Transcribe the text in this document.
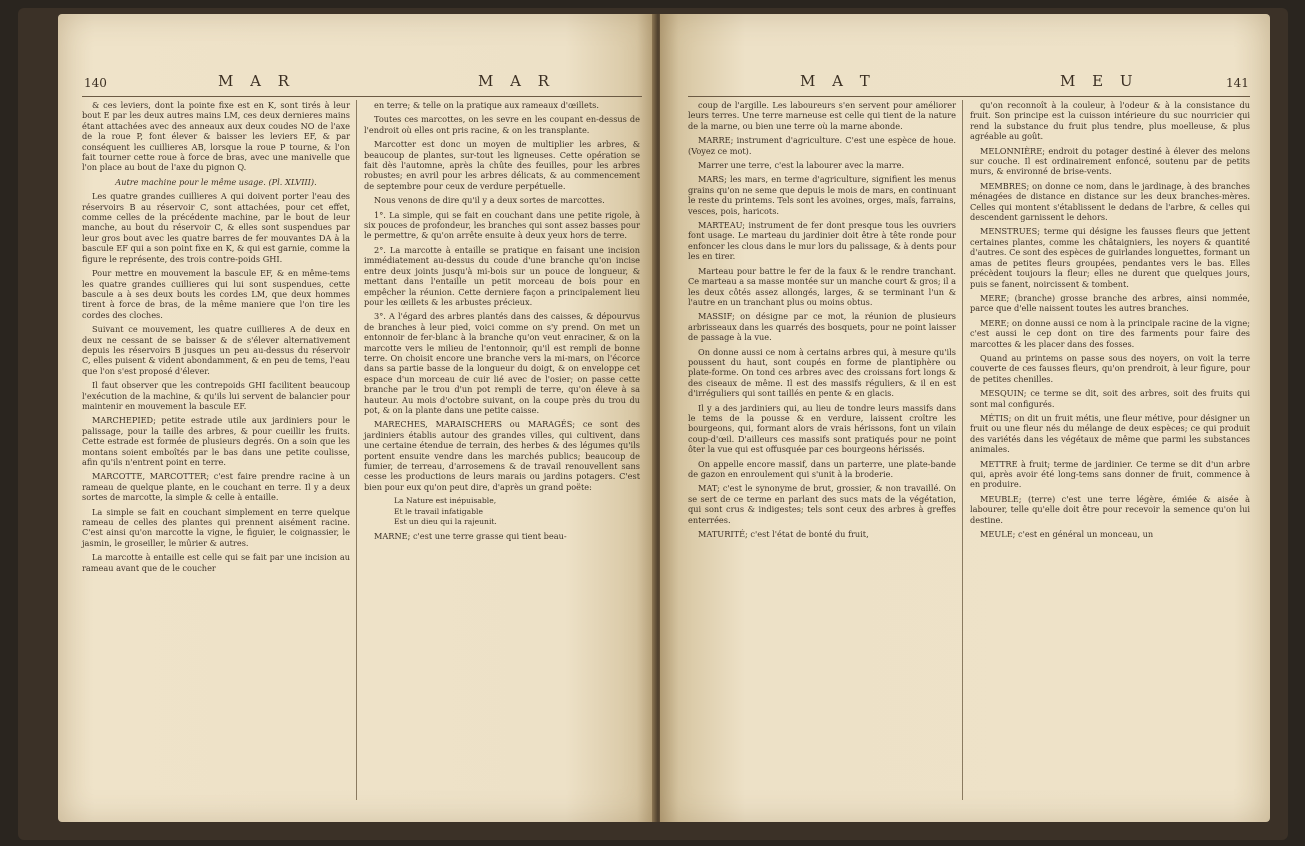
140	M A R	M A R

& ces leviers, dont la pointe fixe est en K, sont tirés à leur bout E par les deux autres mains LM, ces deux dernieres mains étant attachées avec des anneaux aux deux coudes NO de l'axe de la roue P, font élever & baisser les leviers EF, & par conséquent les cuillieres AB, lorsque la roue P tourne, & l'on fait tourner cette roue à force de bras, avec une manivelle que l'on place au bout de l'axe du pignon Q.

Autre machine pour le même usage. (Pl. XLVIII).

Les quatre grandes cuillieres A qui doivent porter l'eau des réservoirs B au réservoir C, sont attachées, pour cet effet, comme celles de la précédente machine, par le bout de leur manche, au bout du réservoir C, & elles sont suspendues par leur gros bout avec les quatre barres de fer mouvantes DA à la bascule EF qui a son point fixe en K, & qui est garnie, comme la figure le représente, des trois contre-poids GHI.

Pour mettre en mouvement la bascule EF, & en même-tems les quatre grandes cuillieres qui lui sont suspendues, cette bascule a à ses deux bouts les cordes LM, que deux hommes tirent à force de bras, de la même maniere que l'on tire les cordes des cloches.

Suivant ce mouvement, les quatre cuillieres A de deux en deux ne cessant de se baisser & de s'élever alternativement depuis les réservoirs B jusques un peu au-dessus du réservoir C, elles puisent & vident abondamment, & en peu de tems, l'eau que l'on s'est proposé d'élever.

Il faut observer que les contrepoids GHI facilitent beaucoup l'exécution de la machine, & qu'ils lui servent de balancier pour maintenir en mouvement la bascule EF.

MARCHEPIED; petite estrade utile aux jardiniers pour le palissage, pour la taille des arbres, & pour cueillir les fruits. Cette estrade est formée de plusieurs degrés. On a soin que les montans soient emboîtés par le bas dans une petite coulisse, afin qu'ils n'entrent point en terre.

MARCOTTE, MARCOTTER; c'est faire prendre racine à un rameau de quelque plante, en le couchant en terre. Il y a deux sortes de marcotte, la simple & celle à entaille.

La simple se fait en couchant simplement en terre quelque rameau de celles des plantes qui prennent aisément racine. C'est ainsi qu'on marcotte la vigne, le figuier, le coignassier, le jasmin, le groseiller, le mûrier & autres.

La marcotte à entaille est celle qui se fait par une incision au rameau avant que de le coucher

en terre; & telle on la pratique aux rameaux d'œillets.

Toutes ces marcottes, on les sevre en les coupant en-dessus de l'endroit où elles ont pris racine, & on les transplante.

Marcotter est donc un moyen de multiplier les arbres, & beaucoup de plantes, sur-tout les ligneuses. Cette opération se fait dès l'automne, après la chûte des feuilles, pour les arbres robustes; en avril pour les arbres délicats, & au commencement de septembre pour ceux de verdure perpétuelle.

Nous venons de dire qu'il y a deux sortes de marcottes.

1°. La simple, qui se fait en couchant dans une petite rigole, à six pouces de profondeur, les branches qui sont assez basses pour le permettre, & qu'on arrête ensuite à deux yeux hors de terre.

2°. La marcotte à entaille se pratique en faisant une incision immédiatement au-dessus du coude d'une branche qu'on incise entre deux joints jusqu'à mi-bois sur un pouce de longueur, & mettant dans l'entaille un petit morceau de bois pour en empêcher la réunion. Cette derniere façon a principalement lieu pour les œillets & les arbustes précieux.

3°. A l'égard des arbres plantés dans des caisses, & dépourvus de branches à leur pied, voici comme on s'y prend. On met un entonnoir de fer-blanc à la branche qu'on veut enraciner, & on la marcotte vers le milieu de l'entonnoir, qu'il est rempli de bonne terre. On choisit encore une branche vers la mi-mars, on l'écorce dans sa partie basse de la longueur du doigt, & on enveloppe cet espace d'un morceau de cuir lié avec de l'osier; on passe cette branche par le trou d'un pot rempli de terre, qu'on éleve à sa hauteur. Au mois d'octobre suivant, on la coupe près du trou du pot, & on la plante dans une petite caisse.

MARECHES, MARAISCHERS ou MARAGÉS; ce sont des jardiniers établis autour des grandes villes, qui cultivent, dans une certaine étendue de terrain, des herbes & des légumes qu'ils portent ensuite vendre dans les marchés publics; beaucoup de fumier, de terreau, d'arrosemens & de travail renouvellent sans cesse les productions de leurs marais ou jardins potagers. C'est bien pour eux qu'on peut dire, d'après un grand poëte:

La Nature est inépuisable,

Et le travail infatigable

Est un dieu qui la rajeunit.

MARNE; c'est une terre grasse qui tient beau-

M A T	M E U	141

coup de l'argille. Les laboureurs s'en servent pour améliorer leurs terres. Une terre marneuse est celle qui tient de la nature de la marne, ou bien une terre où la marne abonde.

MARRE; instrument d'agriculture. C'est une espèce de houe. (Voyez ce mot).

Marrer une terre, c'est la labourer avec la marre.

MARS; les mars, en terme d'agriculture, signifient les menus grains qu'on ne seme que depuis le mois de mars, en continuant le reste du printems. Tels sont les avoines, orges, maïs, farrains, vesces, pois, haricots.

MARTEAU; instrument de fer dont presque tous les ouvriers font usage. Le marteau du jardinier doit être à tête ronde pour enfoncer les clous dans le mur lors du palissage, & à dents pour les en tirer.

Marteau pour battre le fer de la faux & le rendre tranchant. Ce marteau a sa masse montée sur un manche court & gros; il a les deux côtés assez allongés, larges, & se terminant l'un & l'autre en un tranchant plus ou moins obtus.

MASSIF; on désigne par ce mot, la réunion de plusieurs arbrisseaux dans les quarrés des bosquets, pour ne point laisser de passage à la vue.

On donne aussi ce nom à certains arbres qui, à mesure qu'ils poussent du haut, sont coupés en forme de plantiphère ou plate-forme. On tond ces arbres avec des croissans fort longs & des ciseaux de même. Il est des massifs réguliers, & il en est d'irréguliers qui sont taillés en pente & en glacis.

Il y a des jardiniers qui, au lieu de tondre leurs massifs dans le tems de la pousse & en verdure, laissent croître les bourgeons, qui, formant alors de vrais hérissons, font un vilain coup-d'œil. D'ailleurs ces massifs sont pratiqués pour ne point ôter la vue qui est offusquée par ces bourgeons hérissés.

On appelle encore massif, dans un parterre, une plate-bande de gazon en enroulement qui s'unit à la broderie.

MAT; c'est le synonyme de brut, grossier, & non travaillé. On se sert de ce terme en parlant des sucs mats de la végétation, qui sont crus & indigestes; tels sont ceux des arbres à greffes enterrées.

MATURITÉ; c'est l'état de bonté du fruit,

qu'on reconnoît à la couleur, à l'odeur & à la consistance du fruit. Son principe est la cuisson intérieure du suc nourricier qui rend la substance du fruit plus tendre, plus moelleuse, & plus agréable au goût.

MELONNIÈRE; endroit du potager destiné à élever des melons sur couche. Il est ordinairement enfoncé, soutenu par de petits murs, & environné de brise-vents.

MEMBRES; on donne ce nom, dans le jardinage, à des branches ménagées de distance en distance sur les deux branches-mères. Celles qui montent s'établissent le dedans de l'arbre, & celles qui descendent garnissent le dehors.

MENSTRUES; terme qui désigne les fausses fleurs que jettent certaines plantes, comme les châtaigniers, les noyers & quantité d'autres. Ce sont des espèces de guirlandes longuettes, formant un amas de petites fleurs groupées, pendantes vers le bas. Elles précèdent toujours la fleur; elles ne durent que quelques jours, puis se fanent, noircissent & tombent.

MERE; (branche) grosse branche des arbres, ainsi nommée, parce que d'elle naissent toutes les autres branches.

MERE; on donne aussi ce nom à la principale racine de la vigne; c'est aussi le cep dont on tire des farments pour faire des marcottes & les placer dans des fosses.

Quand au printems on passe sous des noyers, on voit la terre couverte de ces fausses fleurs, qu'on prendroit, à leur figure, pour de petites chenilles.

MESQUIN; ce terme se dit, soit des arbres, soit des fruits qui sont mal configurés.

MÉTIS; on dit un fruit métis, une fleur métive, pour désigner un fruit ou une fleur nés du mélange de deux espèces; ce qui produit des variétés dans les végétaux de même que parmi les substances animales.

METTRE à fruit; terme de jardinier. Ce terme se dit d'un arbre qui, après avoir été long-tems sans donner de fruit, commence à en produire.

MEUBLE; (terre) c'est une terre légère, émiée & aisée à labourer, telle qu'elle doit être pour recevoir la semence qu'on lui destine.

MEULE; c'est en général un monceau, un
